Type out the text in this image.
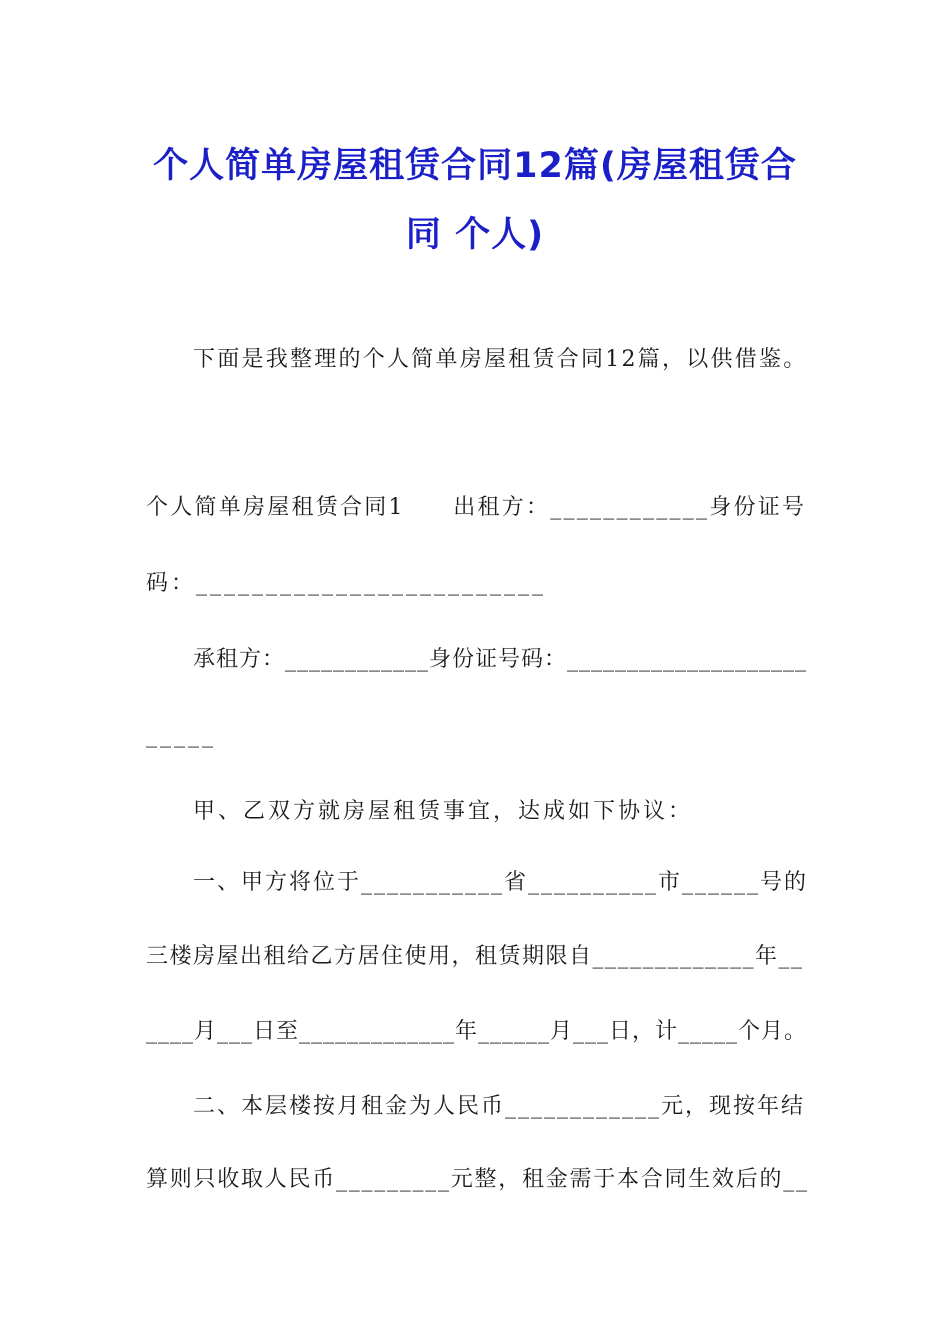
个人简单房屋租赁合同12篇(房屋租赁合
同 个人)
下面是我整理的个人简单房屋租赁合同12篇，以供借鉴。
个人简单房屋租赁合同1　　出租方：____________身份证号
码：_________________________
承租方：____________身份证号码：____________________
_____
甲、乙双方就房屋租赁事宜，达成如下协议：
一、甲方将位于___________省__________市______号的
三楼房屋出租给乙方居住使用，租赁期限自_____________年__
____月___日至_____________年______月___日，计_____个月。
二、本层楼按月租金为人民币____________元，现按年结
算则只收取人民币_________元整，租金需于本合同生效后的__
